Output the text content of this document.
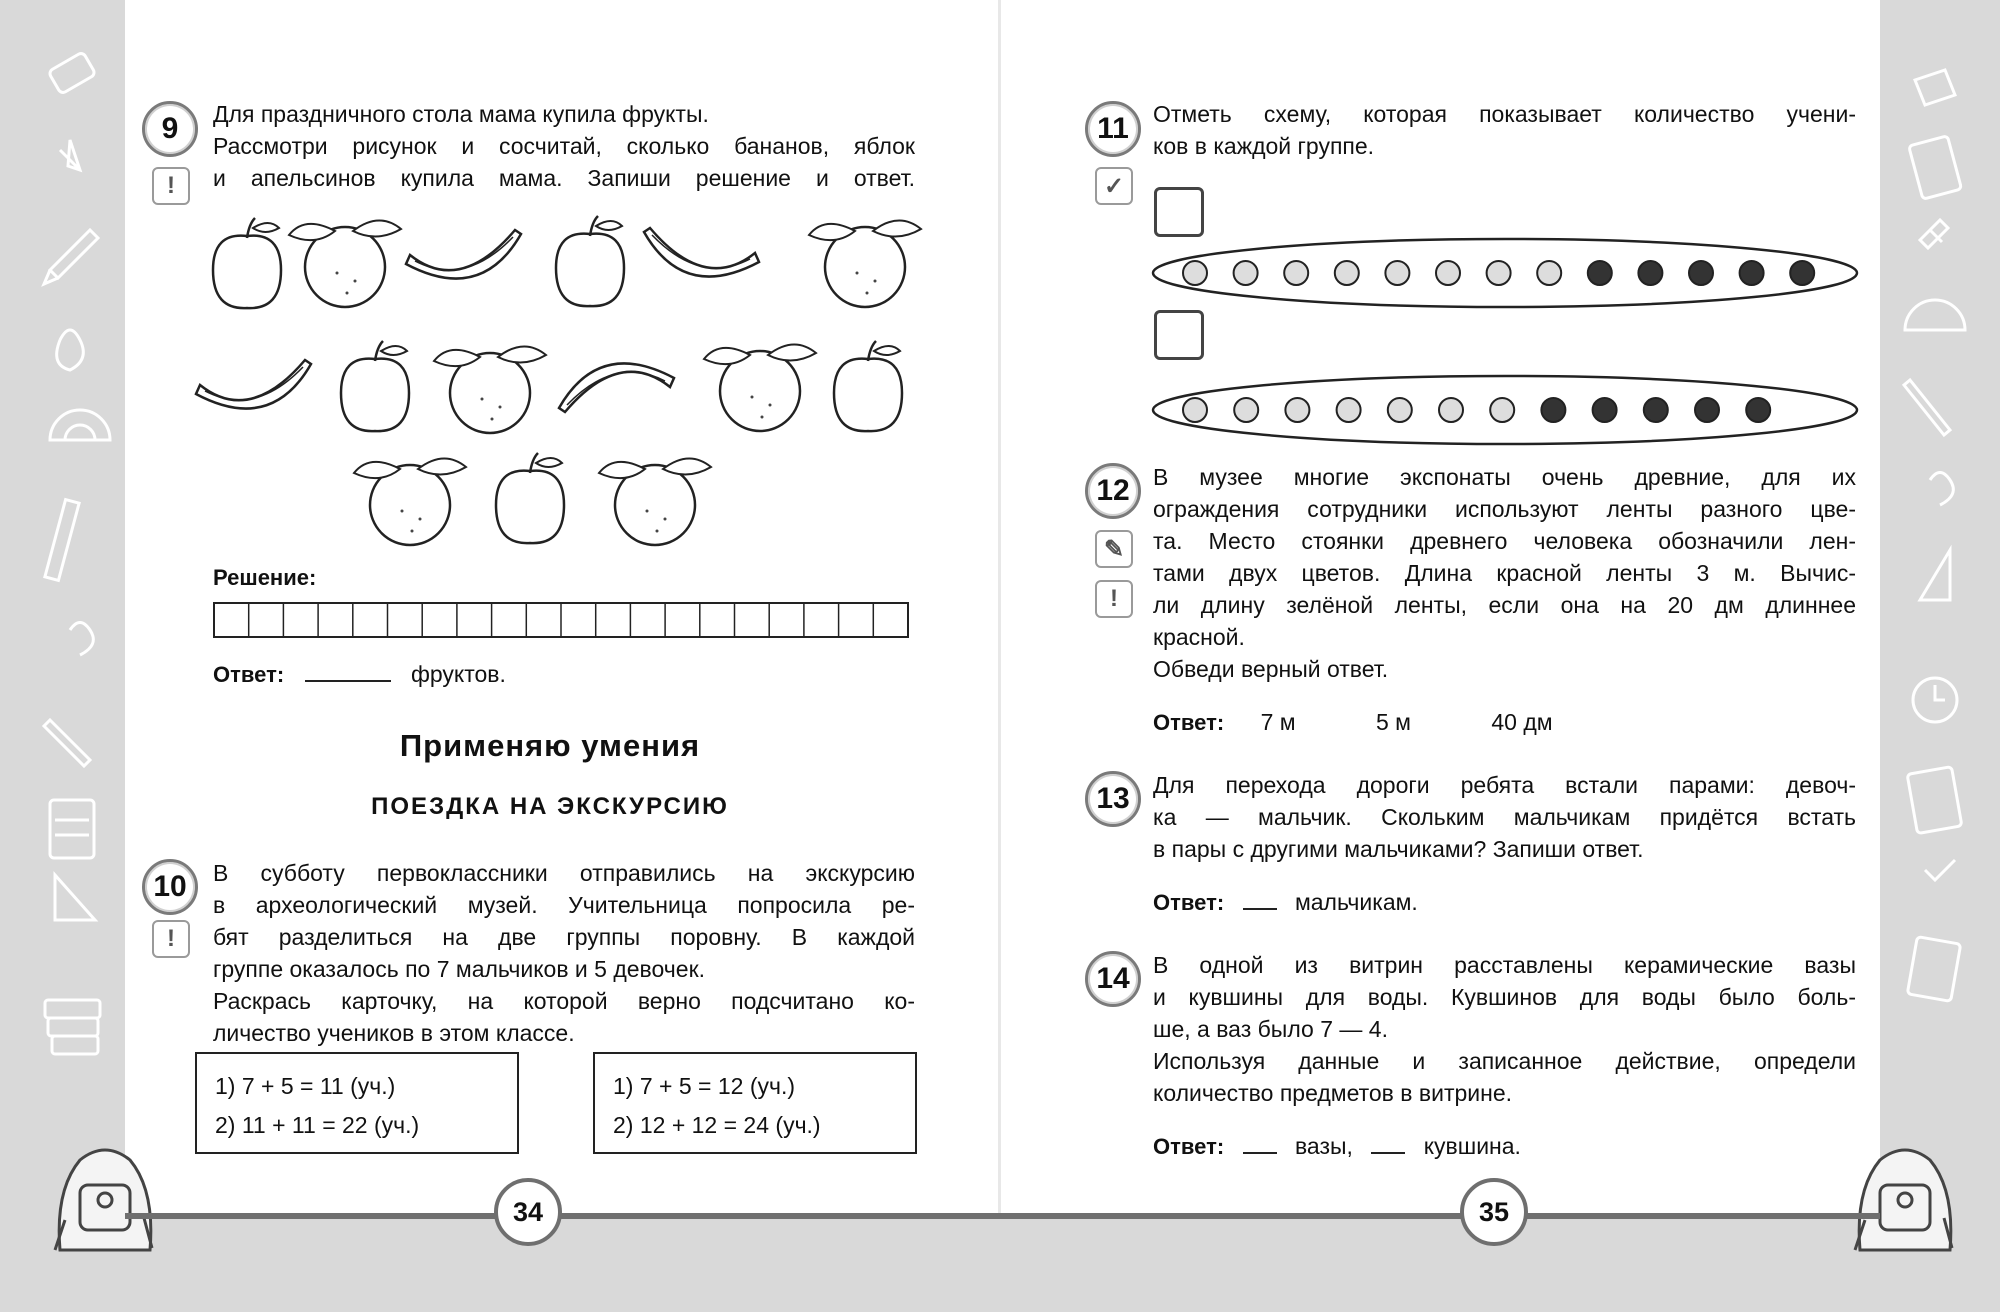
9
!
Для праздничного стола мама купила фрукты.
Рассмотри рисунок и сосчитай, сколько бананов, яблок
и апельсинов купила мама. Запиши решение и ответ.
Решение:
Ответ:	фруктов.
Применяю умения
ПОЕЗДКА НА ЭКСКУРСИЮ
10
!
В субботу первоклассники отправились на экскурсию
в археологический музей. Учительница попросила ре-
бят разделиться на две группы поровну. В каждой
группе оказалось по 7 мальчиков и 5 девочек.
Раскрась карточку, на которой верно подсчитано ко-
личество учеников в этом классе.
1) 7 + 5 = 11 (уч.)
2) 11 + 11 = 22 (уч.)
1) 7 + 5 = 12 (уч.)
2) 12 + 12 = 24 (уч.)
34
11
✓
Отметь схему, которая показывает количество учени-
ков в каждой группе.
12
✎
!
В музее многие экспонаты очень древние, для их
ограждения сотрудники используют ленты разного цве-
та. Место стоянки древнего человека обозначили лен-
тами двух цветов. Длина красной ленты 3 м. Вычис-
ли длину зелёной ленты, если она на 20 дм длиннее
красной.
Обведи верный ответ.
Ответ: 7 м	5 м	40 дм
13	Для перехода дороги ребята встали парами: девоч-
ка — мальчик. Скольким мальчикам придётся встать
в пары с другими мальчиками? Запиши ответ.
Ответ:	мальчикам.
14	В одной из витрин расставлены керамические вазы
и кувшины для воды. Кувшинов для воды было боль-
ше, а ваз было 7 — 4.
Используя данные и записанное действие, определи
количество предметов в витрине.
Ответ:	вазы,	кувшина.
35
